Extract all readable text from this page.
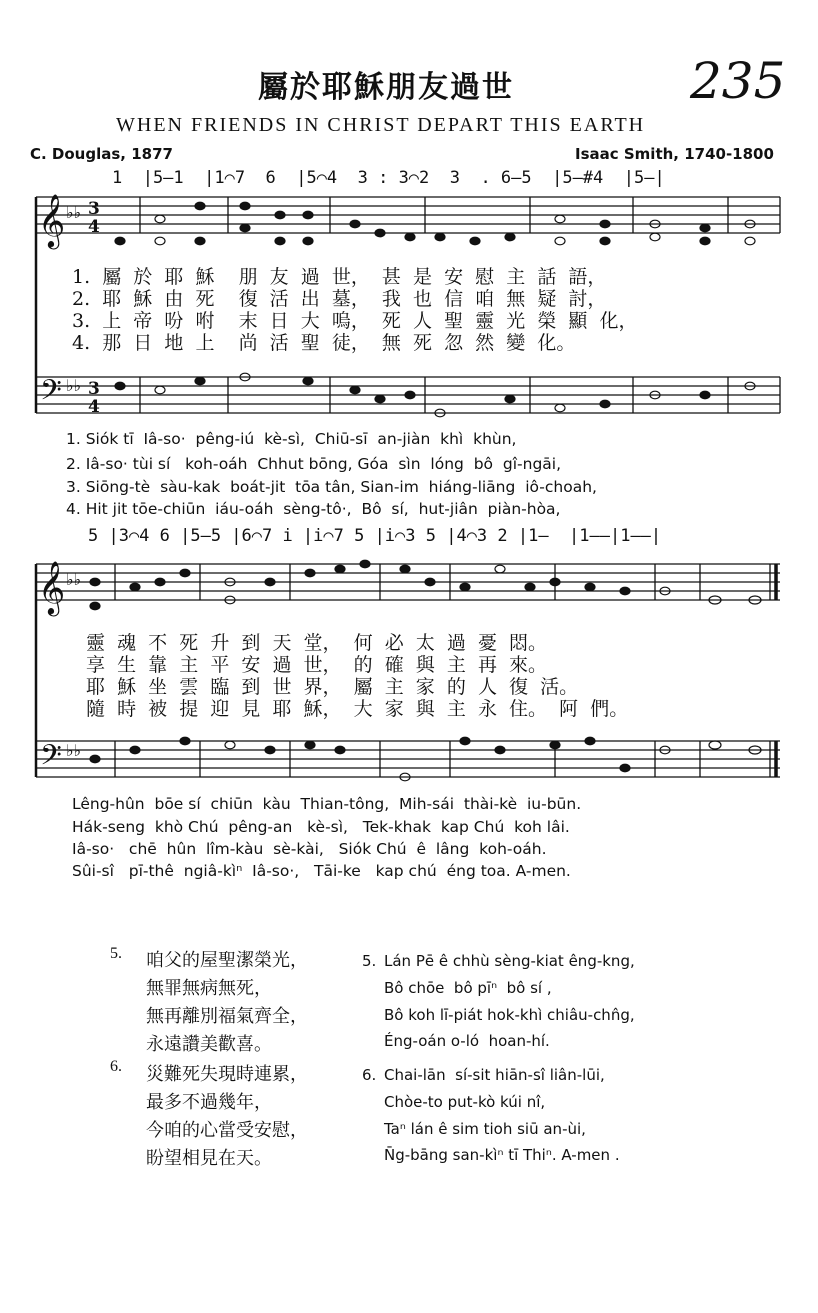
屬於耶穌朋友過世	235
WHEN FRIENDS IN CHRIST DEPART THIS EARTH
C. Douglas, 1877	Isaac Smith, 1740-1800
𝄞
𝄢
𝄞
𝄢
♭♭
♭♭
♭♭
♭♭
3
4
3
4
1  |5—1  |1⌒7  6  |5⌒4  3 : 3⌒2  3  . 6—5  |5—#4  |5—|
1.  屬  於  耶  穌    朋  友  過  世，  甚  是  安  慰  主  話  語，
2.  耶  穌  由  死    復  活  出  墓，  我  也  信  咱  無  疑  討，
3.  上  帝  吩  咐    末  日  大  嗚，  死  人  聖  靈  光  榮  顯  化，
4.  那  日  地  上    尚  活  聖  徒，  無  死  忽  然  變  化。
1. Siók tī  Iâ-so·  pêng-iú  kè-sì,  Chiū-sī  an-jiàn  khì  khùn,
2. Iâ-so· tùi sí   koh-oáh  Chhut bōng, Góa  sìn  lóng  bô  gî-ngāi,
3. Siōng-tè  sàu-kak  boát-jit  tōa tân, Sian-im  hiáng-liāng  iô-choah,
4. Hit jit tōe-chiūn  iáu-oáh  sèng-tô·,  Bô  sí,  hut-jiân  piàn-hòa,
5 |3⌒4 6 |5—5 |6⌒7 i |i⌒7 5 |i⌒3 5 |4⌒3 2 |1—  |1——|1——|
靈  魂  不  死  升  到  天  堂，  何  必  太  過  憂  悶。
享  生  靠  主  平  安  過  世，  的  確  與  主  再  來。
耶  穌  坐  雲  臨  到  世  界，  屬  主  家  的  人  復  活。
隨  時  被  提  迎  見  耶  穌，  大  家  與  主  永  住。  阿  們。
Lêng-hûn  bōe sí  chiūn  kàu  Thian-tông,  Mih-sái  thài-kè  iu-būn.
Hák-seng  khò Chú  pêng-an   kè-sì,   Tek-khak  kap Chú  koh lâi.
Iâ-so·   chē  hûn  lîm-kàu  sè-kài,   Siók Chú  ê  lâng  koh-oáh.
Sûi-sî   pī-thê  ngiâ-kìⁿ  Iâ-so·,   Tāi-ke   kap chú  éng toa. A-men.
5. 咱父的屋聖潔榮光，
無罪無病無死，
無再離別福氣齊全，
永遠讚美歡喜。
5. Lán Pē ê chhù sèng-kiat êng-kng,
Bô chōe  bô pīⁿ  bô sí ,
Bô koh lī-piát hok-khì chiâu-chn̂g,
Éng-oán o-ló  hoan-hí.
6. 災難死失現時連累，
最多不過幾年，
今咱的心當受安慰，
盼望相見在天。
6. Chai-lān  sí-sit hiān-sî liân-lūi,
Chòe-to put-kò kúi nî,
Taⁿ lán ê sim tioh siū an-ùi,
N̄g-bāng san-kìⁿ tī Thiⁿ. A-men .
